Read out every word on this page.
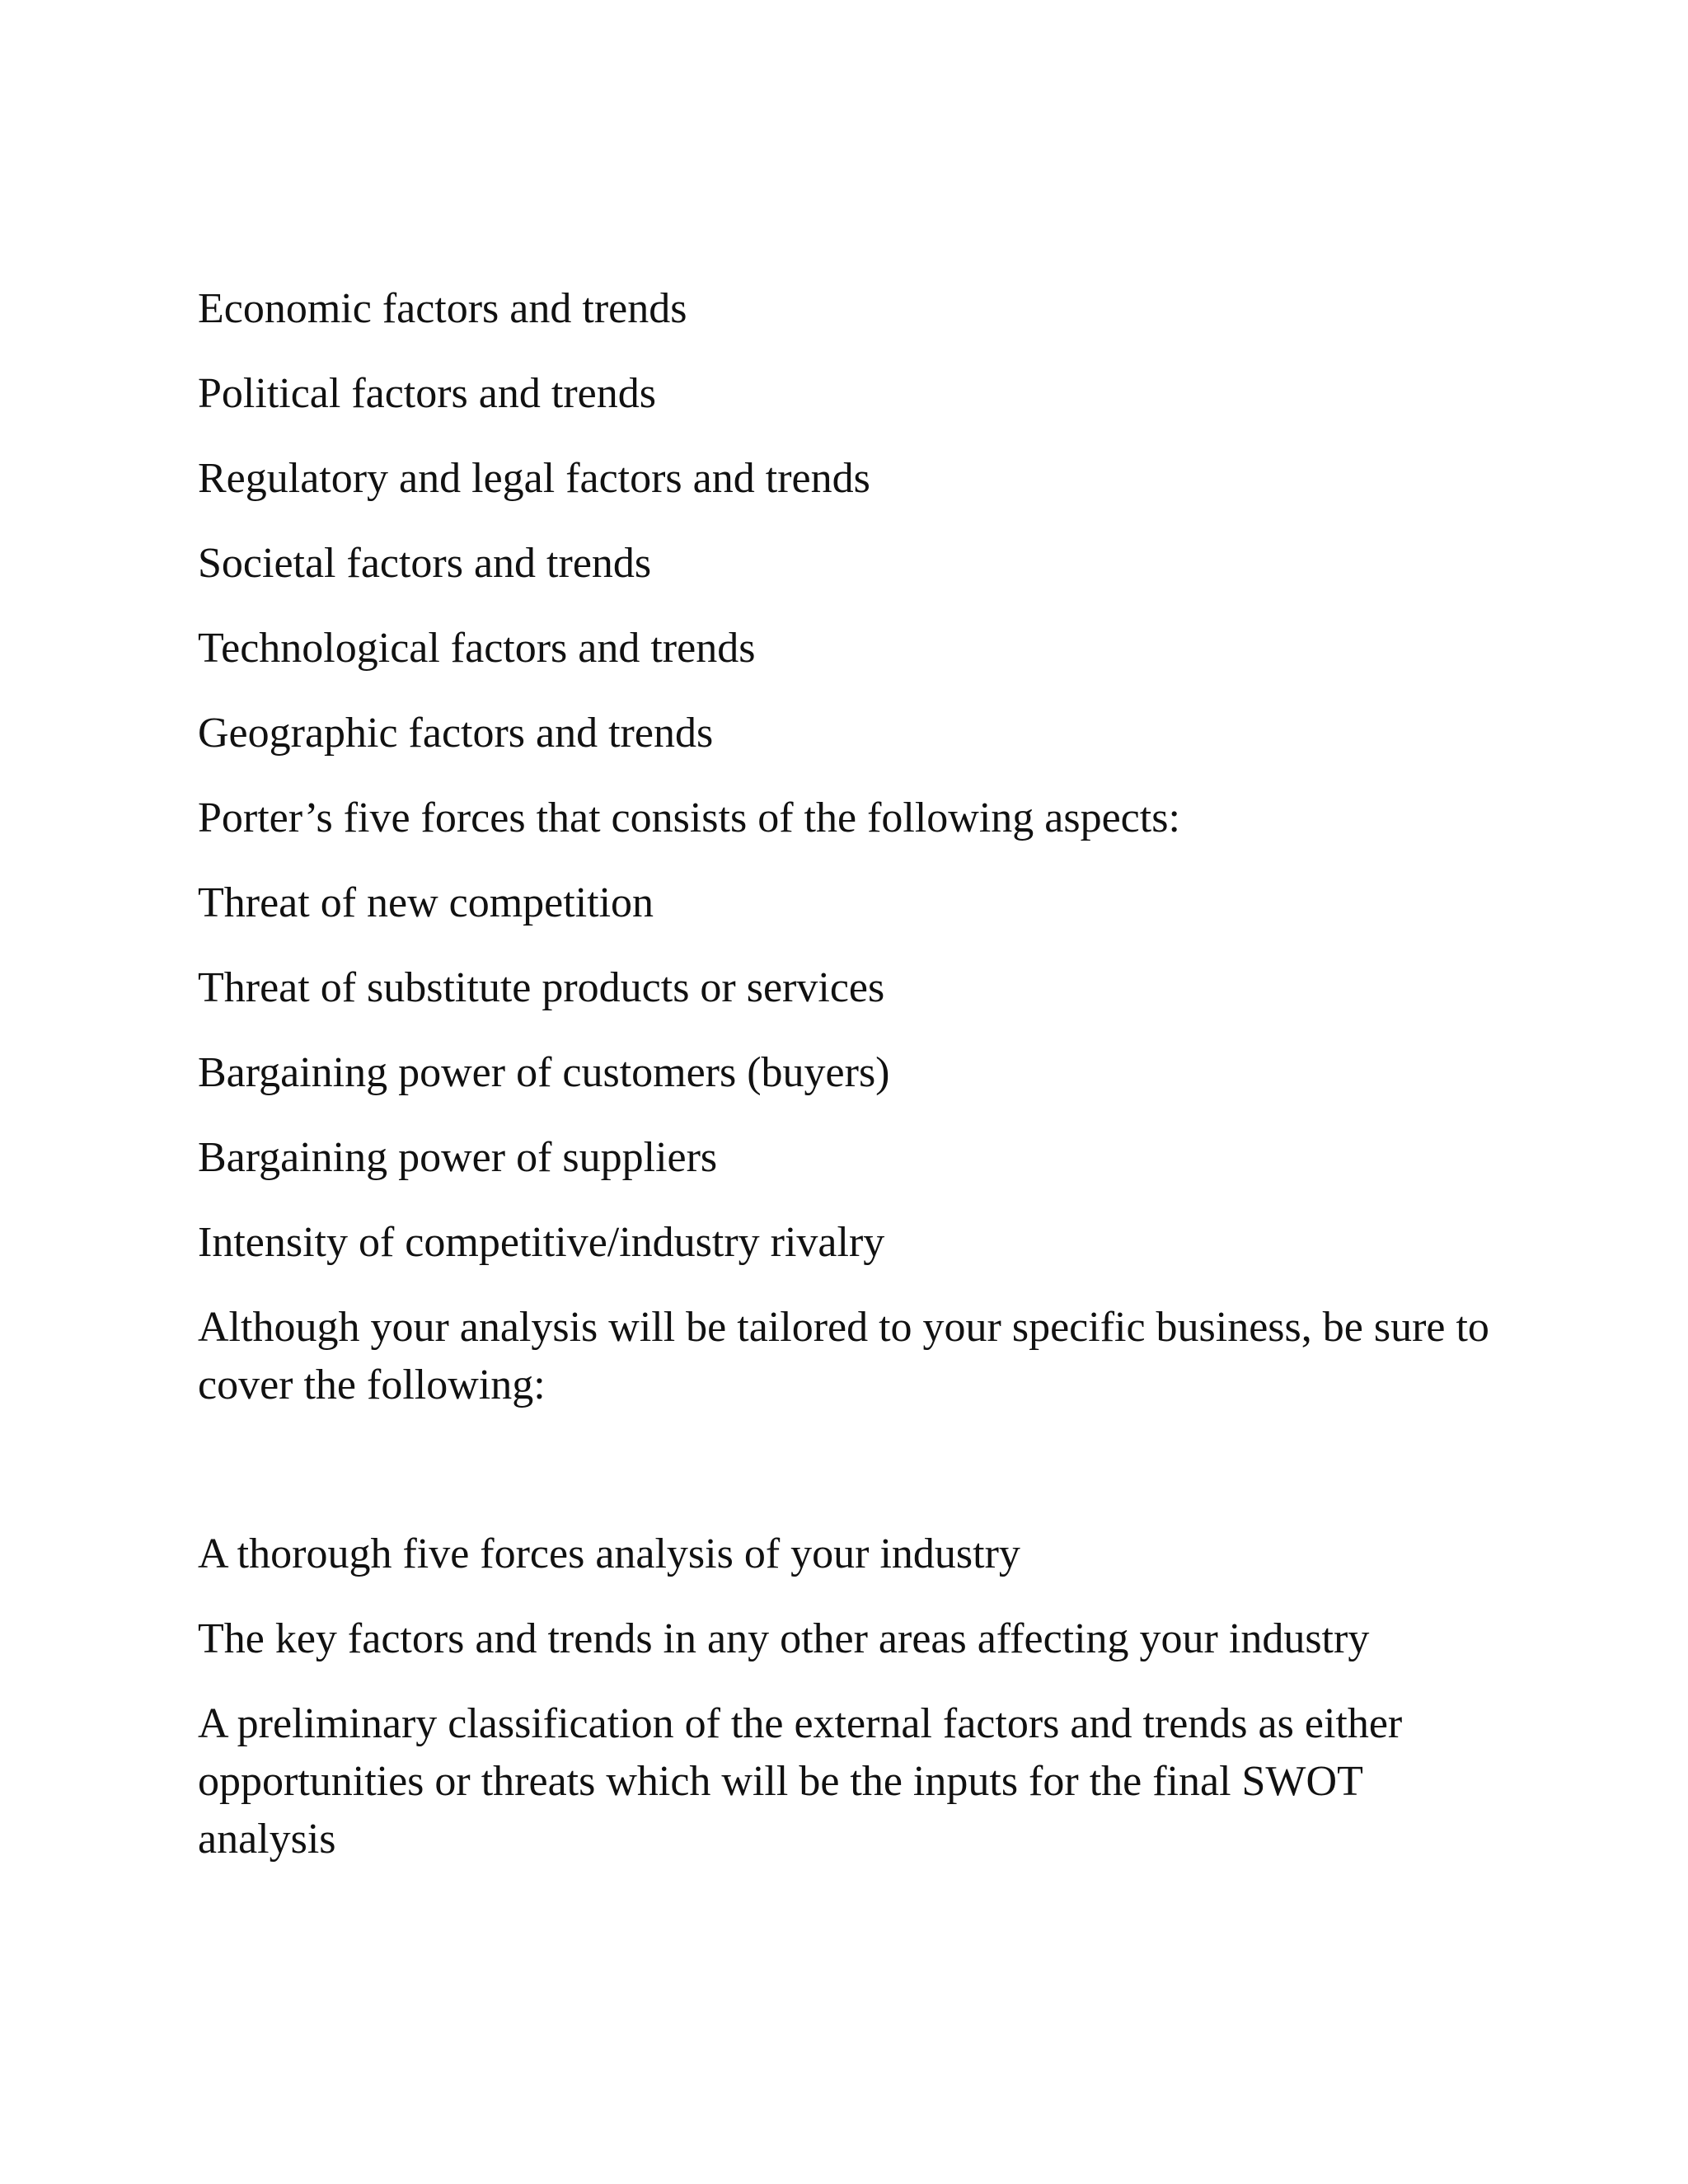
Economic factors and trends

Political factors and trends

Regulatory and legal factors and trends

Societal factors and trends

Technological factors and trends

Geographic factors and trends

Porter’s five forces that consists of the following aspects:

Threat of new competition

Threat of substitute products or services

Bargaining power of customers (buyers)

Bargaining power of suppliers

Intensity of competitive/industry rivalry

Although your analysis will be tailored to your specific business, be sure to cover the following:

A thorough five forces analysis of your industry

The key factors and trends in any other areas affecting your industry

A preliminary classification of the external factors and trends as either opportunities or threats which will be the inputs for the final SWOT analysis
